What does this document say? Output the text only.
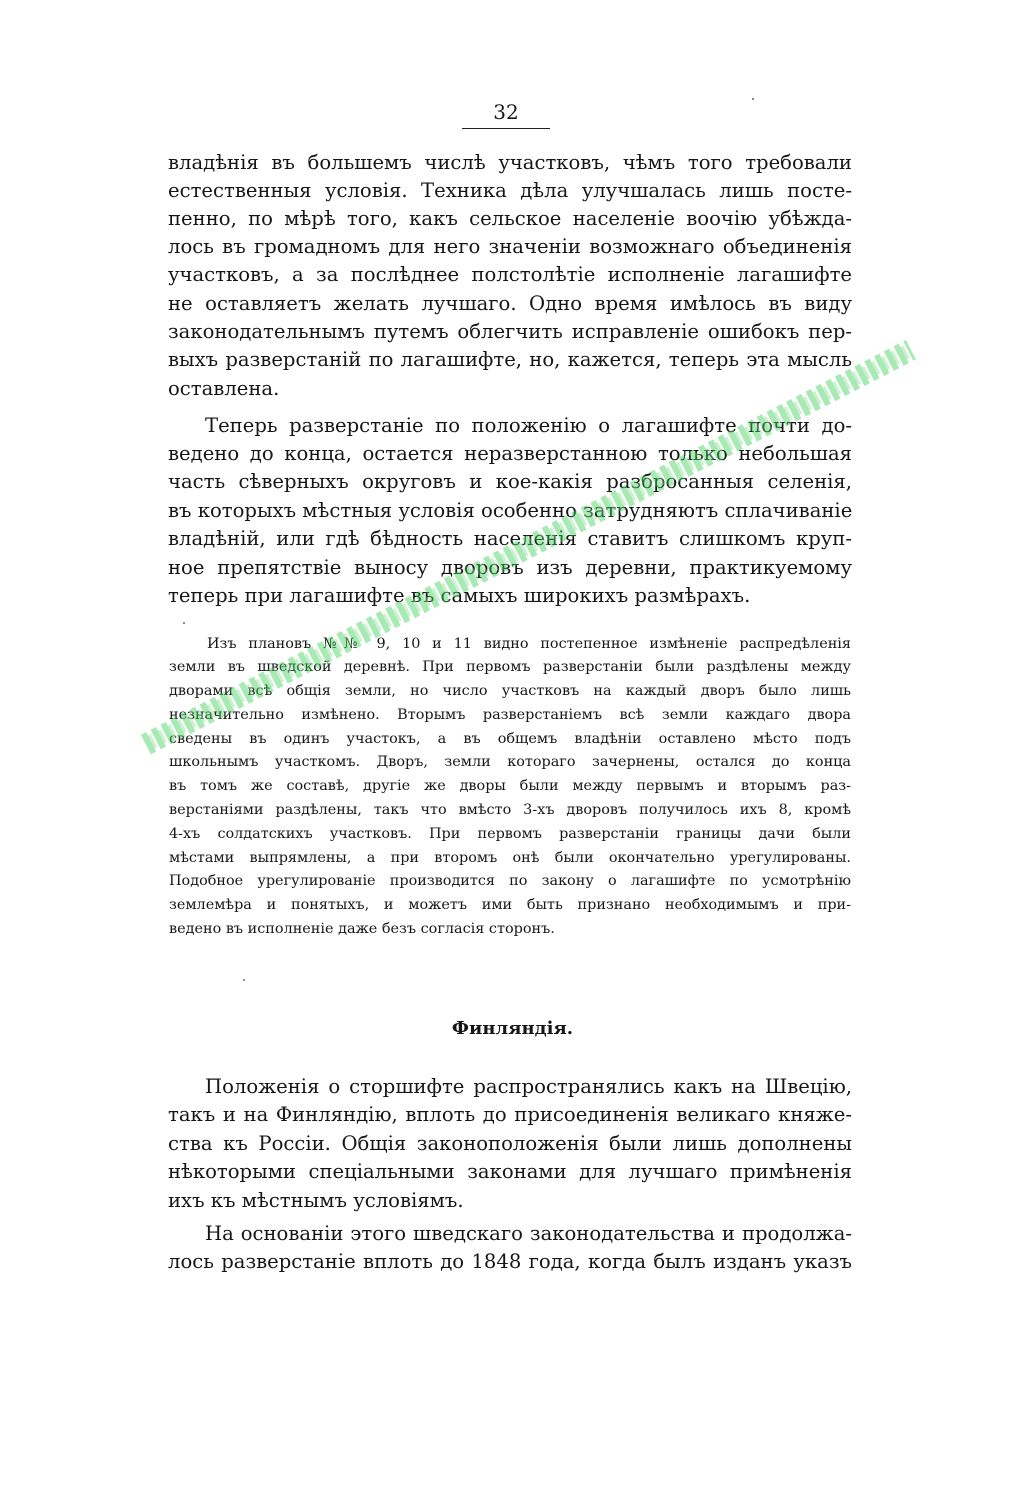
32
владѣнія въ большемъ числѣ участковъ, чѣмъ того требовали
естественныя условія. Техника дѣла улучшалась лишь посте-
пенно, по мѣрѣ того, какъ сельское населеніе воочію убѣжда-
лось въ громадномъ для него значеніи возможнаго объединенія
участковъ, а за послѣднее полстолѣтіе исполненіе лагашифте
не оставляетъ желать лучшаго. Одно время имѣлось въ виду
законодательнымъ путемъ облегчить исправленіе ошибокъ пер-
выхъ разверстаній по лагашифте, но, кажется, теперь эта мысль
оставлена.
Теперь разверстаніе по положенію о лагашифте почти до-
ведено до конца, остается неразверстанною только небольшая
часть сѣверныхъ округовъ и кое-какія разбросанныя селенія,
въ которыхъ мѣстныя условія особенно затрудняютъ сплачиваніе
владѣній, или гдѣ бѣдность населенія ставитъ слишкомъ круп-
ное препятствіе выносу дворовъ изъ деревни, практикуемому
теперь при лагашифте въ самыхъ широкихъ размѣрахъ.
Изъ плановъ №№ 9, 10 и 11 видно постепенное измѣненіе распредѣленія
земли въ шведской деревнѣ. При первомъ разверстаніи были раздѣлены между
дворами всѣ общія земли, но число участковъ на каждый дворъ было лишь
незначительно измѣнено. Вторымъ разверстаніемъ всѣ земли каждаго двора
сведены въ одинъ участокъ, а въ общемъ владѣніи оставлено мѣсто подъ
школьнымъ участкомъ. Дворъ, земли котораго зачернены, остался до конца
въ томъ же составѣ, другіе же дворы были между первымъ и вторымъ раз-
верстаніями раздѣлены, такъ что вмѣсто 3-хъ дворовъ получилось ихъ 8, кромѣ
4-хъ солдатскихъ участковъ. При первомъ разверстаніи границы дачи были
мѣстами выпрямлены, а при второмъ онѣ были окончательно урегулированы.
Подобное урегулированіе производится по закону о лагашифте по усмотрѣнію
землемѣра и понятыхъ, и можетъ ими быть признано необходимымъ и при-
ведено въ исполненіе даже безъ согласія сторонъ.
Финляндія.
Положенія о сторшифте распространялись какъ на Швецію,
такъ и на Финляндію, вплоть до присоединенія великаго княже-
ства къ Россіи. Общія законоположенія были лишь дополнены
нѣкоторыми спеціальными законами для лучшаго примѣненія
ихъ къ мѣстнымъ условіямъ.
На основаніи этого шведскаго законодательства и продолжа-
лось разверстаніе вплоть до 1848 года, когда былъ изданъ указъ
